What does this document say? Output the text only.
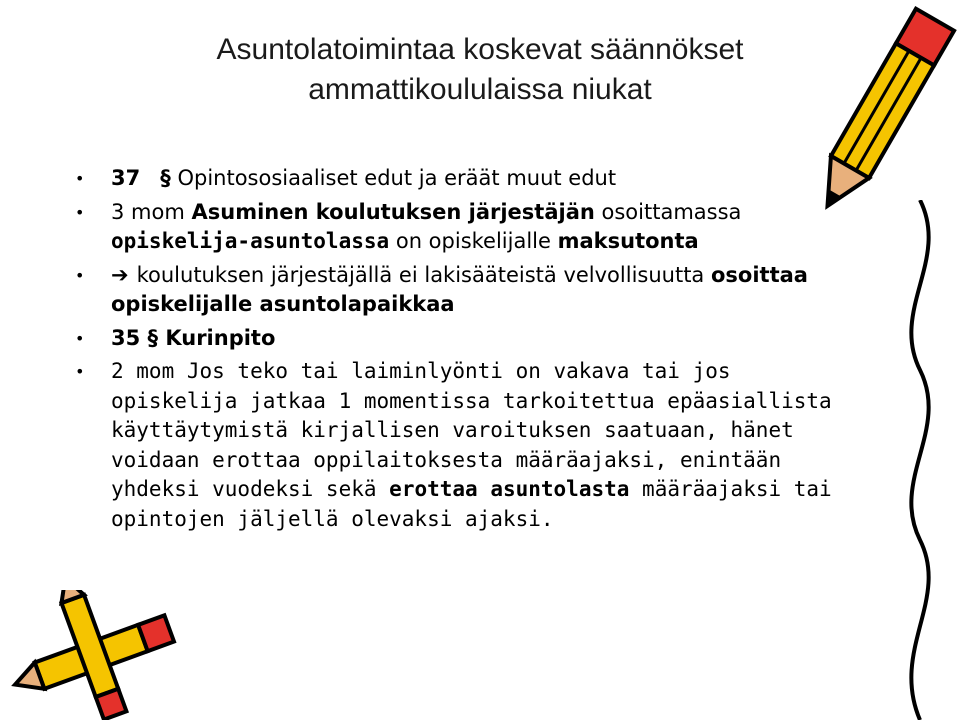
Asuntolatoimintaa koskevat säännökset
ammattikoululaissa niukat
• 37 § Opintososiaaliset edut ja eräät muut edut
• 3 mom Asuminen koulutuksen järjestäjän osoittamassa opiskelija-asuntolassa on opiskelijalle maksutonta
• ➔ koulutuksen järjestäjällä ei lakisääteistä velvollisuutta osoittaa opiskelijalle asuntolapaikkaa
• 35 § Kurinpito
• 2 mom Jos teko tai laiminlyönti on vakava tai jos opiskelija jatkaa 1 momentissa tarkoitettua epäasiallista käyttäytymistä kirjallisen varoituksen saatuaan, hänet voidaan erottaa oppilaitoksesta määräajaksi, enintään yhdeksi vuodeksi sekä erottaa asuntolasta määräajaksi tai opintojen jäljellä olevaksi ajaksi.
